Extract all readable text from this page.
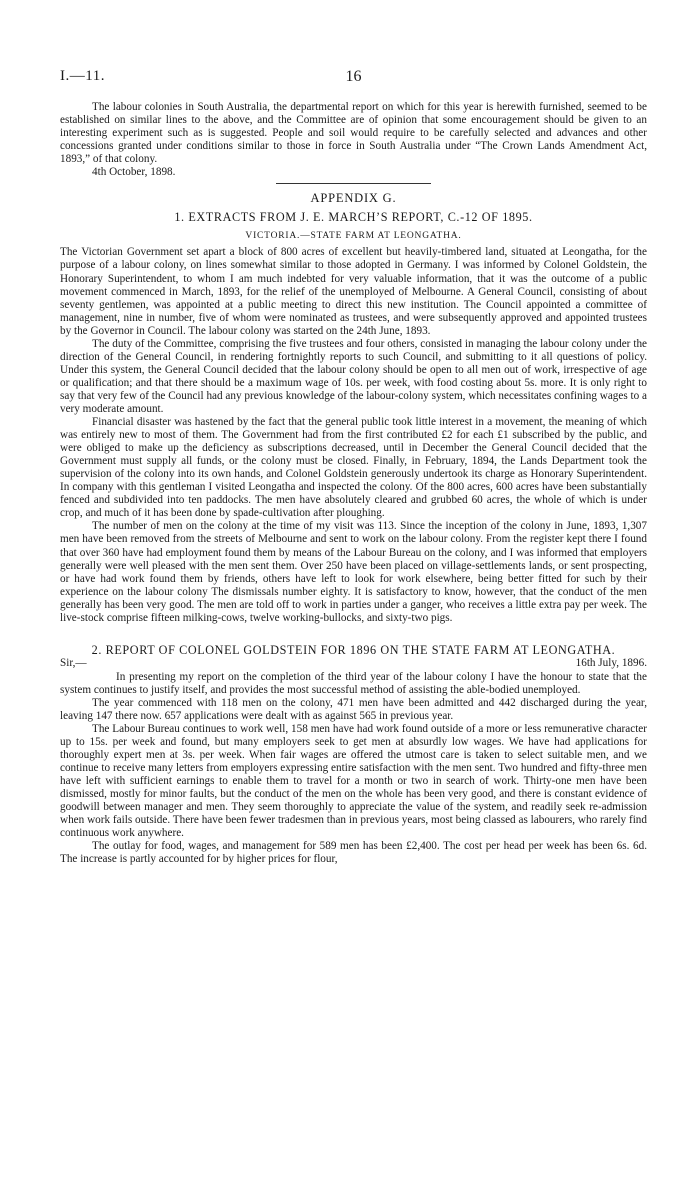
I.—11.	16

The labour colonies in South Australia, the departmental report on which for this year is herewith furnished, seemed to be established on similar lines to the above, and the Committee are of opinion that some encouragement should be given to an interesting experiment such as is suggested. People and soil would require to be carefully selected and advances and other concessions granted under conditions similar to those in force in South Australia under “The Crown Lands Amendment Act, 1893,” of that colony.

4th October, 1898.

APPENDIX G.
1. EXTRACTS FROM J. E. MARCH’S REPORT, C.-12 OF 1895.
VICTORIA.—STATE FARM AT LEONGATHA.

The Victorian Government set apart a block of 800 acres of excellent but heavily-timbered land, situated at Leongatha, for the purpose of a labour colony, on lines somewhat similar to those adopted in Germany. I was informed by Colonel Goldstein, the Honorary Superintendent, to whom I am much indebted for very valuable information, that it was the outcome of a public movement commenced in March, 1893, for the relief of the unemployed of Melbourne. A General Council, consisting of about seventy gentlemen, was appointed at a public meeting to direct this new institution. The Council appointed a committee of management, nine in number, five of whom were nominated as trustees, and were subsequently approved and appointed trustees by the Governor in Council. The labour colony was started on the 24th June, 1893.

The duty of the Committee, comprising the five trustees and four others, consisted in managing the labour colony under the direction of the General Council, in rendering fortnightly reports to such Council, and submitting to it all questions of policy. Under this system, the General Council decided that the labour colony should be open to all men out of work, irrespective of age or qualification; and that there should be a maximum wage of 10s. per week, with food costing about 5s. more. It is only right to say that very few of the Council had any previous knowledge of the labour-colony system, which necessitates confining wages to a very moderate amount.

Financial disaster was hastened by the fact that the general public took little interest in a movement, the meaning of which was entirely new to most of them. The Government had from the first contributed £2 for each £1 subscribed by the public, and were obliged to make up the deficiency as subscriptions decreased, until in December the General Council decided that the Government must supply all funds, or the colony must be closed. Finally, in February, 1894, the Lands Department took the supervision of the colony into its own hands, and Colonel Goldstein generously undertook its charge as Honorary Superintendent. In company with this gentleman I visited Leongatha and inspected the colony. Of the 800 acres, 600 acres have been substantially fenced and subdivided into ten paddocks. The men have absolutely cleared and grubbed 60 acres, the whole of which is under crop, and much of it has been done by spade-cultivation after ploughing.

The number of men on the colony at the time of my visit was 113. Since the inception of the colony in June, 1893, 1,307 men have been removed from the streets of Melbourne and sent to work on the labour colony. From the register kept there I found that over 360 have had employment found them by means of the Labour Bureau on the colony, and I was informed that employers generally were well pleased with the men sent them. Over 250 have been placed on village-settlements lands, or sent prospecting, or have had work found them by friends, others have left to look for work elsewhere, being better fitted for such by their experience on the labour colony The dismissals number eighty. It is satisfactory to know, however, that the conduct of the men generally has been very good. The men are told off to work in parties under a ganger, who receives a little extra pay per week. The live-stock comprise fifteen milking-cows, twelve working-bullocks, and sixty-two pigs.

2. REPORT OF COLONEL GOLDSTEIN FOR 1896 ON THE STATE FARM AT LEONGATHA.
Sir,—	16th July, 1896.

In presenting my report on the completion of the third year of the labour colony I have the honour to state that the system continues to justify itself, and provides the most successful method of assisting the able-bodied unemployed.

The year commenced with 118 men on the colony, 471 men have been admitted and 442 discharged during the year, leaving 147 there now. 657 applications were dealt with as against 565 in previous year.

The Labour Bureau continues to work well, 158 men have had work found outside of a more or less remunerative character up to 15s. per week and found, but many employers seek to get men at absurdly low wages. We have had applications for thoroughly expert men at 3s. per week. When fair wages are offered the utmost care is taken to select suitable men, and we continue to receive many letters from employers expressing entire satisfaction with the men sent. Two hundred and fifty-three men have left with sufficient earnings to enable them to travel for a month or two in search of work. Thirty-one men have been dismissed, mostly for minor faults, but the conduct of the men on the whole has been very good, and there is constant evidence of goodwill between manager and men. They seem thoroughly to appreciate the value of the system, and readily seek re-admission when work fails outside. There have been fewer tradesmen than in previous years, most being classed as labourers, who rarely find continuous work anywhere.

The outlay for food, wages, and management for 589 men has been £2,400. The cost per head per week has been 6s. 6d. The increase is partly accounted for by higher prices for flour,
